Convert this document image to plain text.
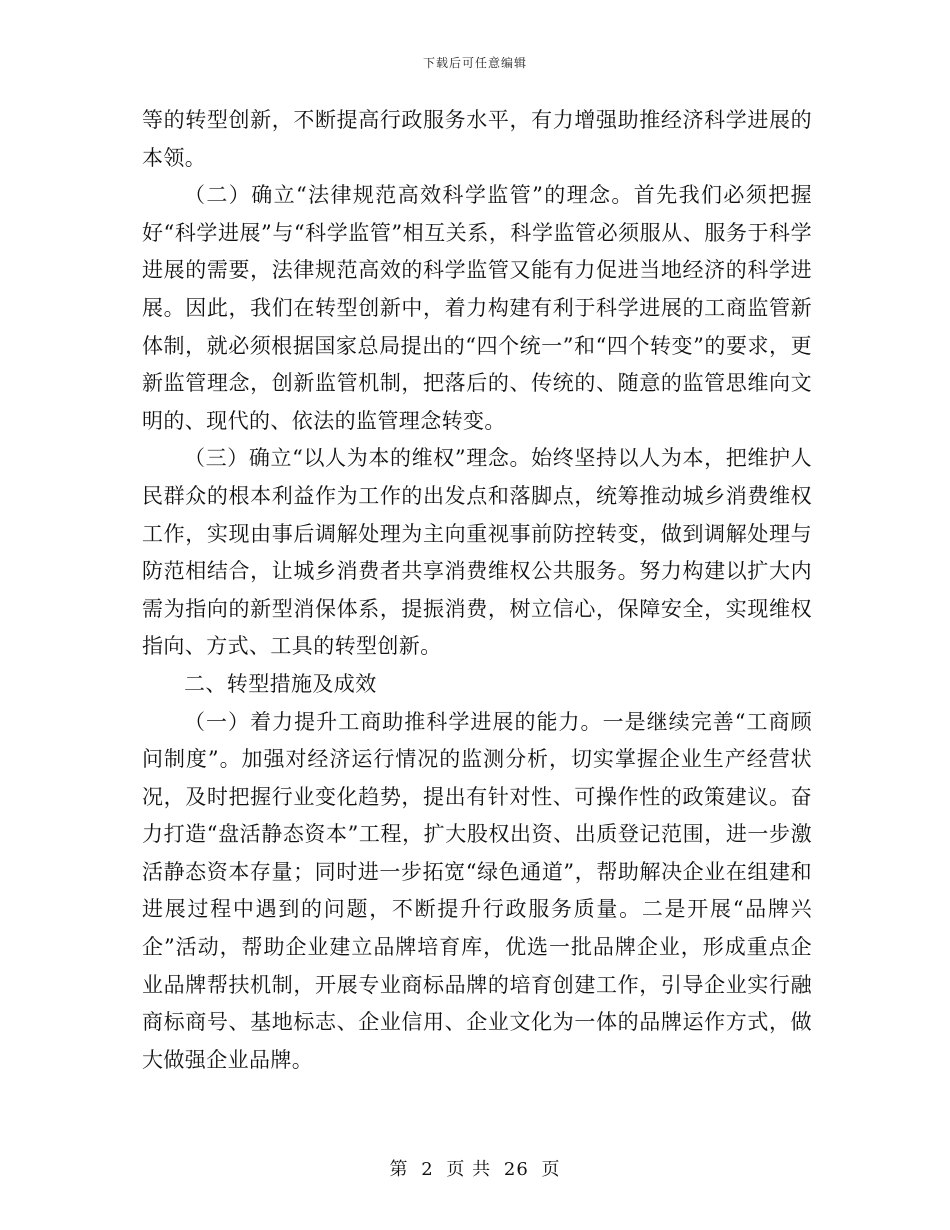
下载后可任意编辑

等的转型创新，不断提高行政服务水平，有力增强助推经济科学进展的本领。

（二）确立“法律规范高效科学监管”的理念。首先我们必须把握好“科学进展”与“科学监管”相互关系，科学监管必须服从、服务于科学进展的需要，法律规范高效的科学监管又能有力促进当地经济的科学进展。因此，我们在转型创新中，着力构建有利于科学进展的工商监管新体制，就必须根据国家总局提出的“四个统一”和“四个转变”的要求，更新监管理念，创新监管机制，把落后的、传统的、随意的监管思维向文明的、现代的、依法的监管理念转变。

（三）确立“以人为本的维权”理念。始终坚持以人为本，把维护人民群众的根本利益作为工作的出发点和落脚点，统筹推动城乡消费维权工作，实现由事后调解处理为主向重视事前防控转变，做到调解处理与防范相结合，让城乡消费者共享消费维权公共服务。努力构建以扩大内需为指向的新型消保体系，提振消费，树立信心，保障安全，实现维权指向、方式、工具的转型创新。

二、转型措施及成效

（一）着力提升工商助推科学进展的能力。一是继续完善“工商顾问制度”。加强对经济运行情况的监测分析，切实掌握企业生产经营状况，及时把握行业变化趋势，提出有针对性、可操作性的政策建议。奋力打造“盘活静态资本”工程，扩大股权出资、出质登记范围，进一步激活静态资本存量；同时进一步拓宽“绿色通道”，帮助解决企业在组建和进展过程中遇到的问题，不断提升行政服务质量。二是开展“品牌兴企”活动，帮助企业建立品牌培育库，优选一批品牌企业，形成重点企业品牌帮扶机制，开展专业商标品牌的培育创建工作，引导企业实行融商标商号、基地标志、企业信用、企业文化为一体的品牌运作方式，做大做强企业品牌。

第 2 页 共 26 页
